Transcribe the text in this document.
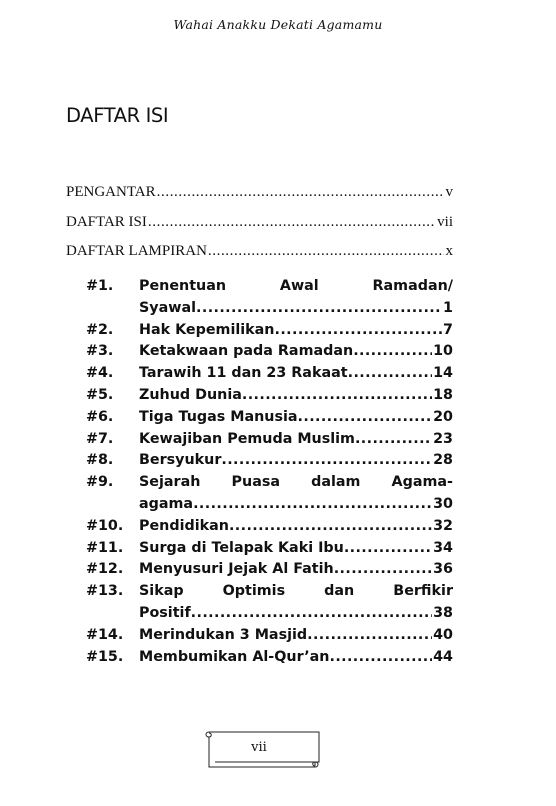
Wahai Anakku Dekati Agamamu
DAFTAR ISI
PENGANTAR .....	v
DAFTAR ISI .....	vii
DAFTAR LAMPIRAN .....	x
#1.	Penentuan Awal Ramadan/
Syawal .....	1
#2.	Hak Kepemilikan .....	7
#3.	Ketakwaan pada Ramadan .....	10
#4.	Tarawih 11 dan 23 Rakaat .....	14
#5.	Zuhud Dunia .....	18
#6.	Tiga Tugas Manusia .....	20
#7.	Kewajiban Pemuda Muslim .....	23
#8.	Bersyukur .....	28
#9.	Sejarah Puasa dalam Agama-
agama .....	30
#10.	Pendidikan .....	32
#11.	Surga di Telapak Kaki Ibu .....	34
#12.	Menyusuri Jejak Al Fatih .....	36
#13.	Sikap Optimis dan Berfikir
Positif .....	38
#14.	Merindukan 3 Masjid .....	40
#15.	Membumikan Al-Qur’an .....	44
vii
